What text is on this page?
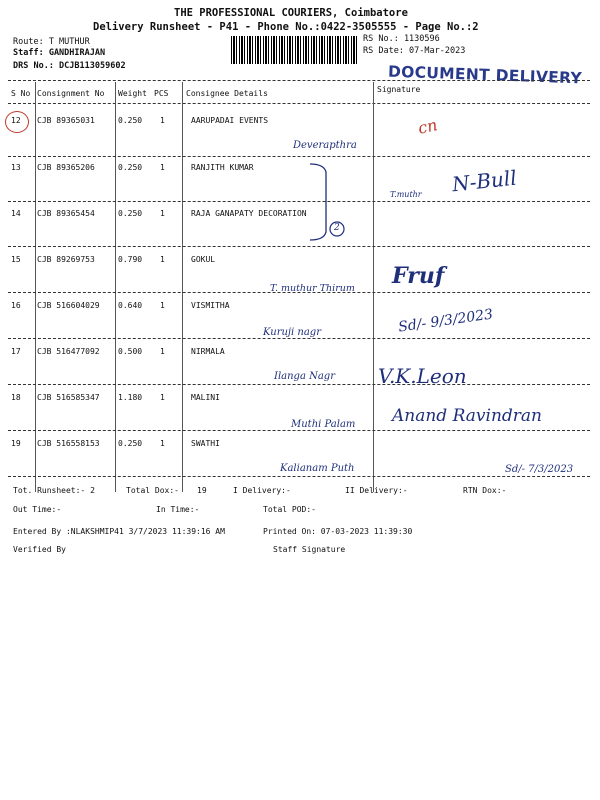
THE PROFESSIONAL COURIERS, Coimbatore
Delivery Runsheet - P41 - Phone No.:0422-3505555 - Page No.:2
Route: T MUTHUR
Staff: GANDHIRAJAN
DRS No.: DCJB113059602
RS No.: 1130596
RS Date: 07-Mar-2023
DOCUMENT DELIVERY
S No Consignment No Weight PCS Consignee Details	Signature
12 CJB 89365031	0.250 1	AARUPADAI EVENTS
13 CJB 89365206	0.250 1	RANJITH KUMAR
14 CJB 89365454	0.250 1	RAJA GANAPATY DECORATION
15 CJB 89269753	0.790 1	GOKUL
16 CJB 516604029 0.640 1	VISMITHA
17 CJB 516477092 0.500 1	NIRMALA
18 CJB 516585347 1.180 1	MALINI
19 CJB 516558153 0.250 1	SWATHI
Deverapthra
T.muthr
T. muthur Thirum
Kuruji nagr
Ilanga Nagr
Muthi Palam
Kalianam Puth
2
cn
N-Bull
Fruf
Sd/- 9/3/2023
V.K.Leon
Anand Ravindran
Sd/- 7/3/2023
Tot. Runsheet:- 2	Total Dox:- 19	I Delivery:-	II Delivery:-	RTN Dox:-
Out Time:-	In Time:-	Total POD:-
Entered By :NLAKSHMIP41 3/7/2023 11:39:16 AM	Printed On: 07-03-2023 11:39:30
Verified By	Staff Signature
